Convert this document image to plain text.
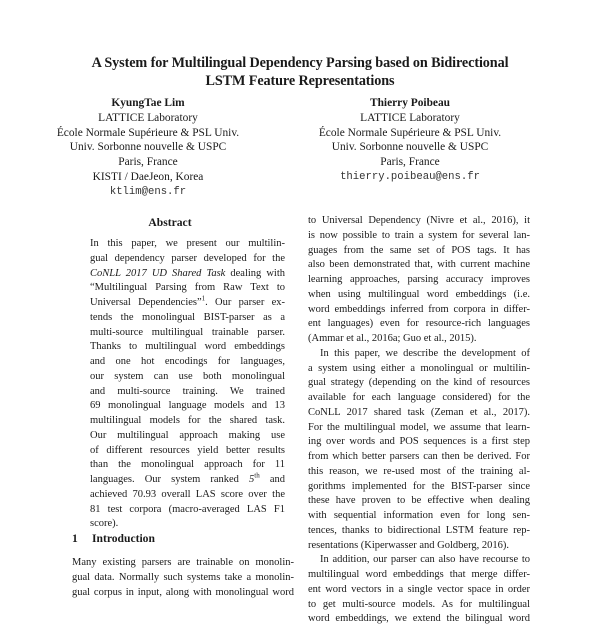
A System for Multilingual Dependency Parsing based on Bidirectional
LSTM Feature Representations
KyungTae Lim
LATTICE Laboratory
École Normale Supérieure & PSL Univ.
Univ. Sorbonne nouvelle & USPC
Paris, France
KISTI / DaeJeon, Korea
ktlim@ens.fr
Thierry Poibeau
LATTICE Laboratory
École Normale Supérieure & PSL Univ.
Univ. Sorbonne nouvelle & USPC
Paris, France
thierry.poibeau@ens.fr
Abstract
In this paper, we present our multilin-
gual dependency parser developed for the
CoNLL 2017 UD Shared Task dealing with
“Multilingual Parsing from Raw Text to
Universal Dependencies”$^1$. Our parser ex-
tends the monolingual BIST-parser as a
multi-source multilingual trainable parser.
Thanks to multilingual word embeddings
and one hot encodings for languages,
our system can use both monolingual
and multi-source training. We trained
69 monolingual language models and 13
multilingual models for the shared task.
Our multilingual approach making use
of different resources yield better results
than the monolingual approach for 11
languages. Our system ranked 5th and
achieved 70.93 overall LAS score over the
81 test corpora (macro-averaged LAS F1
score).
1 Introduction
Many existing parsers are trainable on monolin-
gual data. Normally such systems take a monolin-
gual corpus in input, along with monolingual word
to Universal Dependency (Nivre et al., 2016), it
is now possible to train a system for several lan-
guages from the same set of POS tags. It has
also been demonstrated that, with current machine
learning approaches, parsing accuracy improves
when using multilingual word embeddings (i.e.
word embeddings inferred from corpora in differ-
ent languages) even for resource-rich languages
(Ammar et al., 2016a; Guo et al., 2015).
In this paper, we describe the development of
a system using either a monolingual or multilin-
gual strategy (depending on the kind of resources
available for each language considered) for the
CoNLL 2017 shared task (Zeman et al., 2017).
For the multilingual model, we assume that learn-
ing over words and POS sequences is a first step
from which better parsers can then be derived. For
this reason, we re-used most of the training al-
gorithms implemented for the BIST-parser since
these have proven to be effective when dealing
with sequential information even for long sen-
tences, thanks to bidirectional LSTM feature rep-
resentations (Kiperwasser and Goldberg, 2016).
In addition, our parser can also have recourse to
multilingual word embeddings that merge differ-
ent word vectors in a single vector space in order
to get multi-source models. As for multilingual
word embeddings, we extend the bilingual word
